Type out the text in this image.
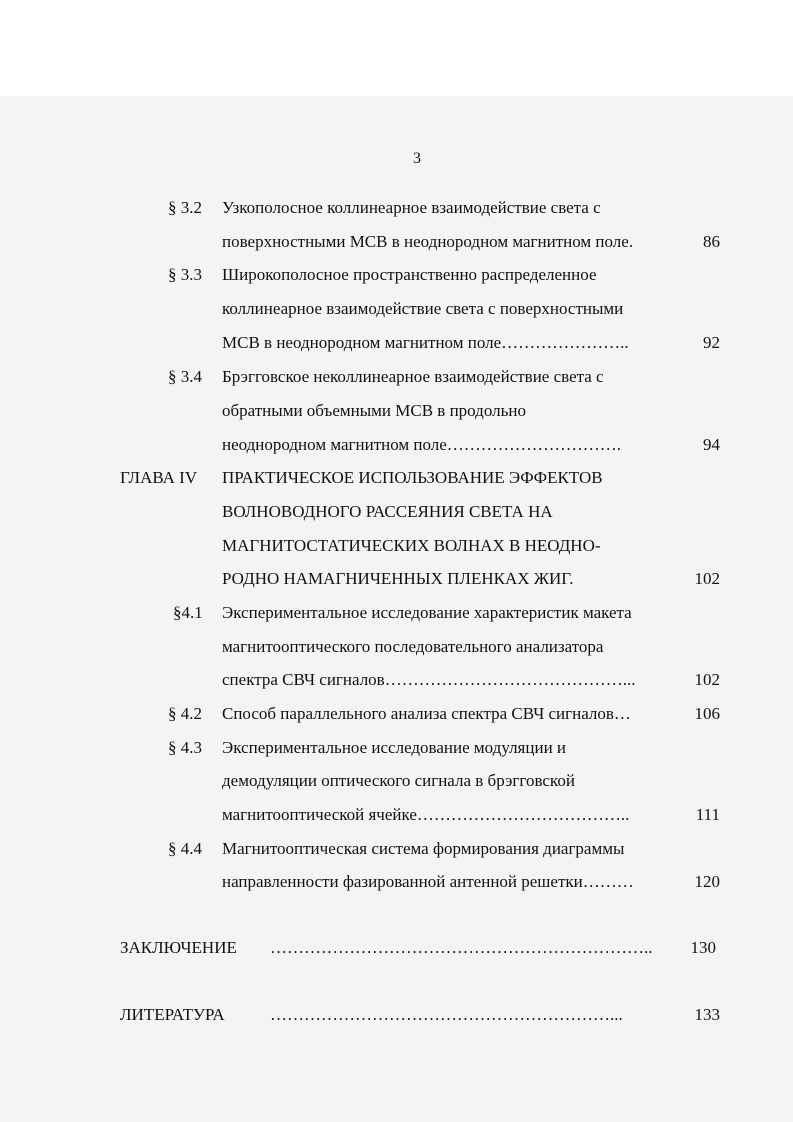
3
§ 3.2 Узкополосное коллинеарное взаимодействие света с
поверхностными МСВ в неоднородном магнитном поле.	86
§ 3.3 Широкополосное пространственно распределенное
коллинеарное взаимодействие света с поверхностными
МСВ в неоднородном магнитном поле…………………..	92
§ 3.4 Брэгговское неколлинеарное взаимодействие света с
обратными объемными МСВ в продольно
неоднородном магнитном поле………………………….	94
ГЛАВА IV ПРАКТИЧЕСКОЕ ИСПОЛЬЗОВАНИЕ ЭФФЕКТОВ
ВОЛНОВОДНОГО РАССЕЯНИЯ СВЕТА НА
МАГНИТОСТАТИЧЕСКИХ ВОЛНАХ В НЕОДНО-
РОДНО НАМАГНИЧЕННЫХ ПЛЕНКАХ ЖИГ.	102
§4.1 Экспериментальное исследование характеристик макета
магнитооптического последовательного анализатора
спектра СВЧ сигналов……………………………………...	102
§ 4.2 Способ параллельного анализа спектра СВЧ сигналов…	106
§ 4.3 Экспериментальное исследование модуляции и
демодуляции оптического сигнала в брэгговской
магнитооптической ячейке………………………………..	111
§ 4.4 Магнитооптическая система формирования диаграммы
направленности фазированной антенной решетки………	120
ЗАКЛЮЧЕНИЕ …………………………………………………………..	130
ЛИТЕРАТУРА	……………………………………………………...	133
